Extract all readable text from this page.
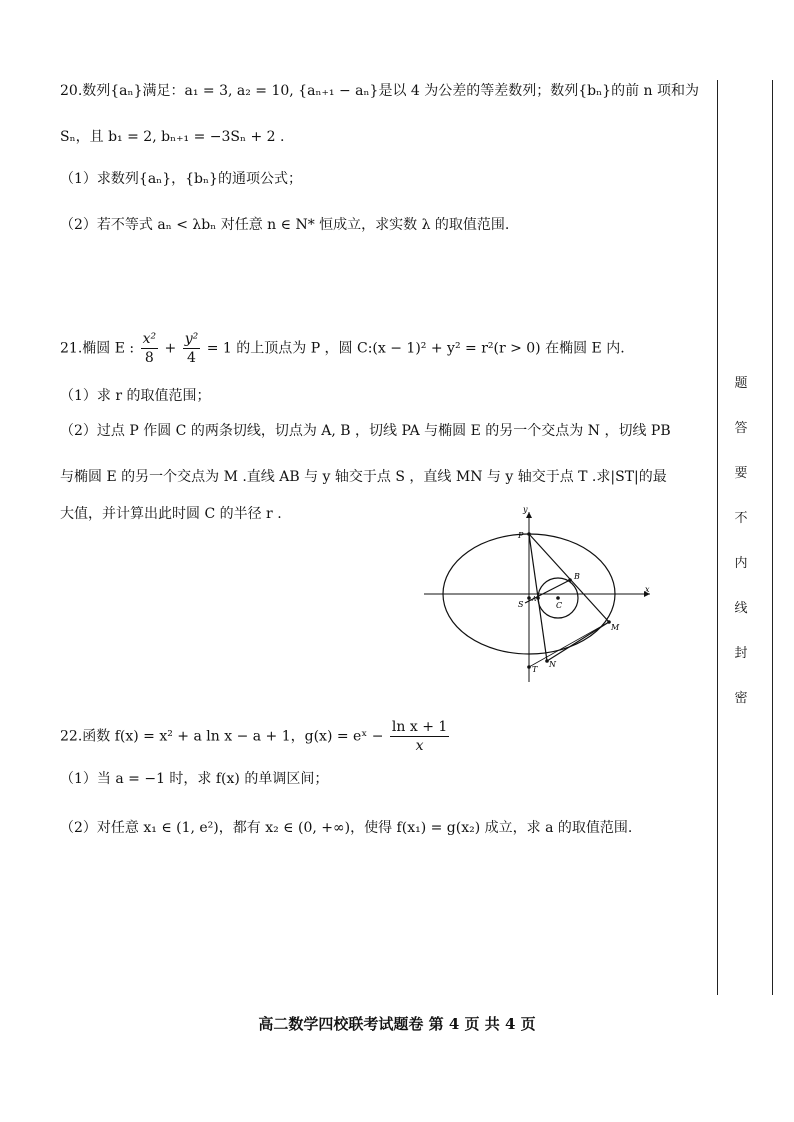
20.数列{aₙ}满足：a₁ = 3, a₂ = 10, {aₙ₊₁ − aₙ}是以 4 为公差的等差数列；数列{bₙ}的前 n 项和为
Sₙ，且 b₁ = 2, bₙ₊₁ = −3Sₙ + 2 .
（1）求数列{aₙ}，{bₙ}的通项公式；
（2）若不等式 aₙ < λbₙ 对任意 n ∈ N* 恒成立，求实数 λ 的取值范围.
21.椭圆 E : $\frac{\text{x²}}{8} + \frac{\text{y²}}{4} = 1$ 的上顶点为 P ，圆 C:(x − 1)² + y² = r²(r > 0) 在椭圆 E 内.
（1）求 r 的取值范围；
（2）过点 P 作圆 C 的两条切线，切点为 A, B ，切线 PA 与椭圆 E 的另一个交点为 N ，切线 PB
与椭圆 E 的另一个交点为 M .直线 AB 与 y 轴交于点 S ，直线 MN 与 y 轴交于点 T .求|ST|的最
大值，并计算出此时圆 C 的半径 r .	y
x
P
B
S
A
C
M
T
N
22.函数 f(x) = x² + a ln x − a + 1，g(x) = eˣ − $\frac{\text{ln x + 1}}{x}$
（1）当 a = −1 时，求 f(x) 的单调区间；
（2）对任意 x₁ ∈ (1, e²)，都有 x₂ ∈ (0, +∞)，使得 f(x₁) = g(x₂) 成立，求 a 的取值范围.
题
答
要
不
内
线
封
密
高二数学四校联考试题卷 第 4 页 共 4 页
